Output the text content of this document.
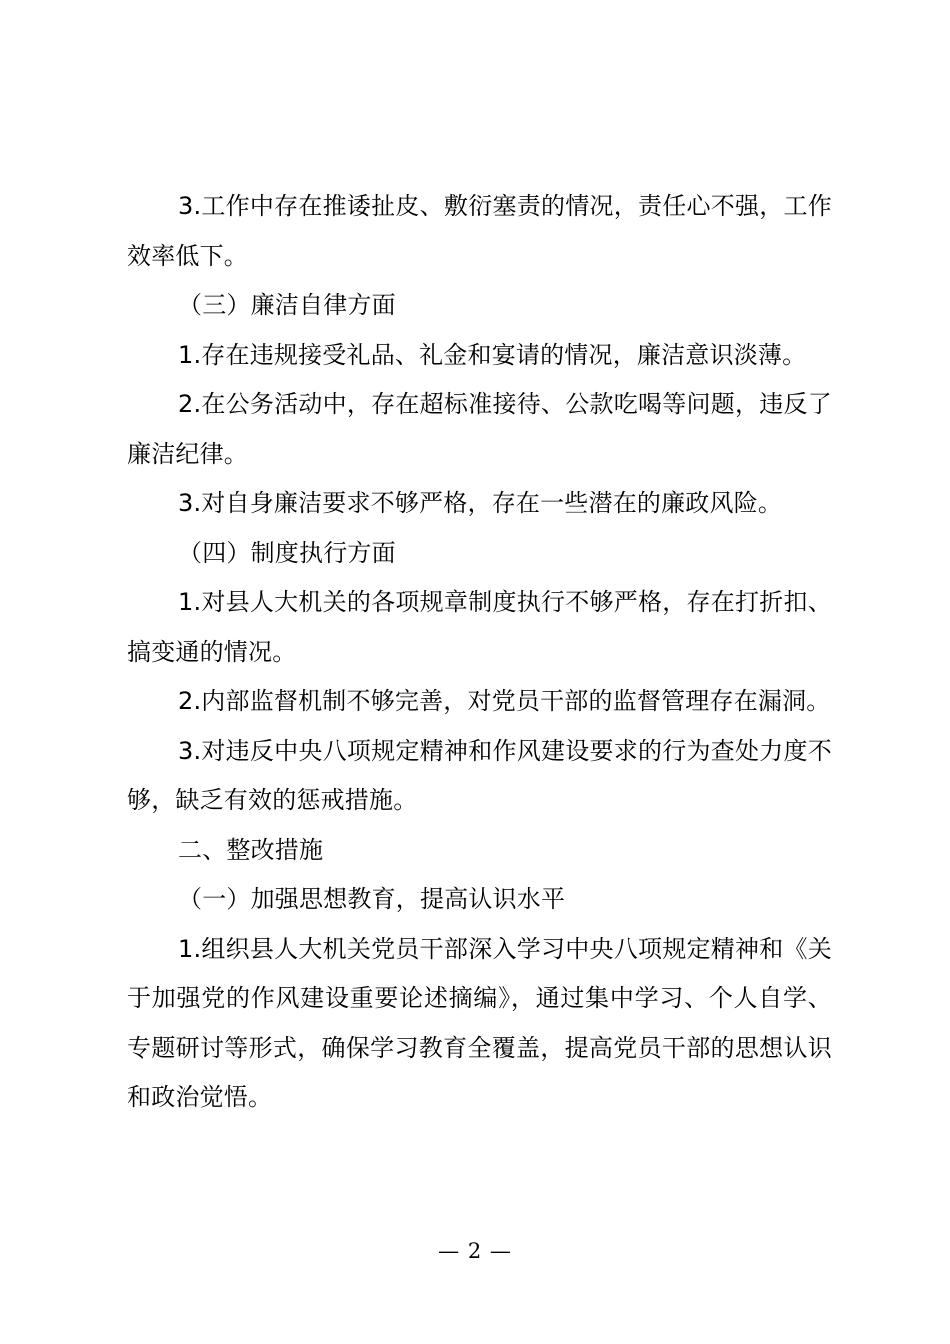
3.工作中存在推诿扯皮、敷衍塞责的情况，责任心不强，工作效率低下。

（三）廉洁自律方面

1.存在违规接受礼品、礼金和宴请的情况，廉洁意识淡薄。

2.在公务活动中，存在超标准接待、公款吃喝等问题，违反了廉洁纪律。

3.对自身廉洁要求不够严格，存在一些潜在的廉政风险。

（四）制度执行方面

1.对县人大机关的各项规章制度执行不够严格，存在打折扣、搞变通的情况。

2.内部监督机制不够完善，对党员干部的监督管理存在漏洞。

3.对违反中央八项规定精神和作风建设要求的行为查处力度不够，缺乏有效的惩戒措施。

二、整改措施

（一）加强思想教育，提高认识水平

1.组织县人大机关党员干部深入学习中央八项规定精神和《关于加强党的作风建设重要论述摘编》，通过集中学习、个人自学、专题研讨等形式，确保学习教育全覆盖，提高党员干部的思想认识和政治觉悟。

— 2 —
